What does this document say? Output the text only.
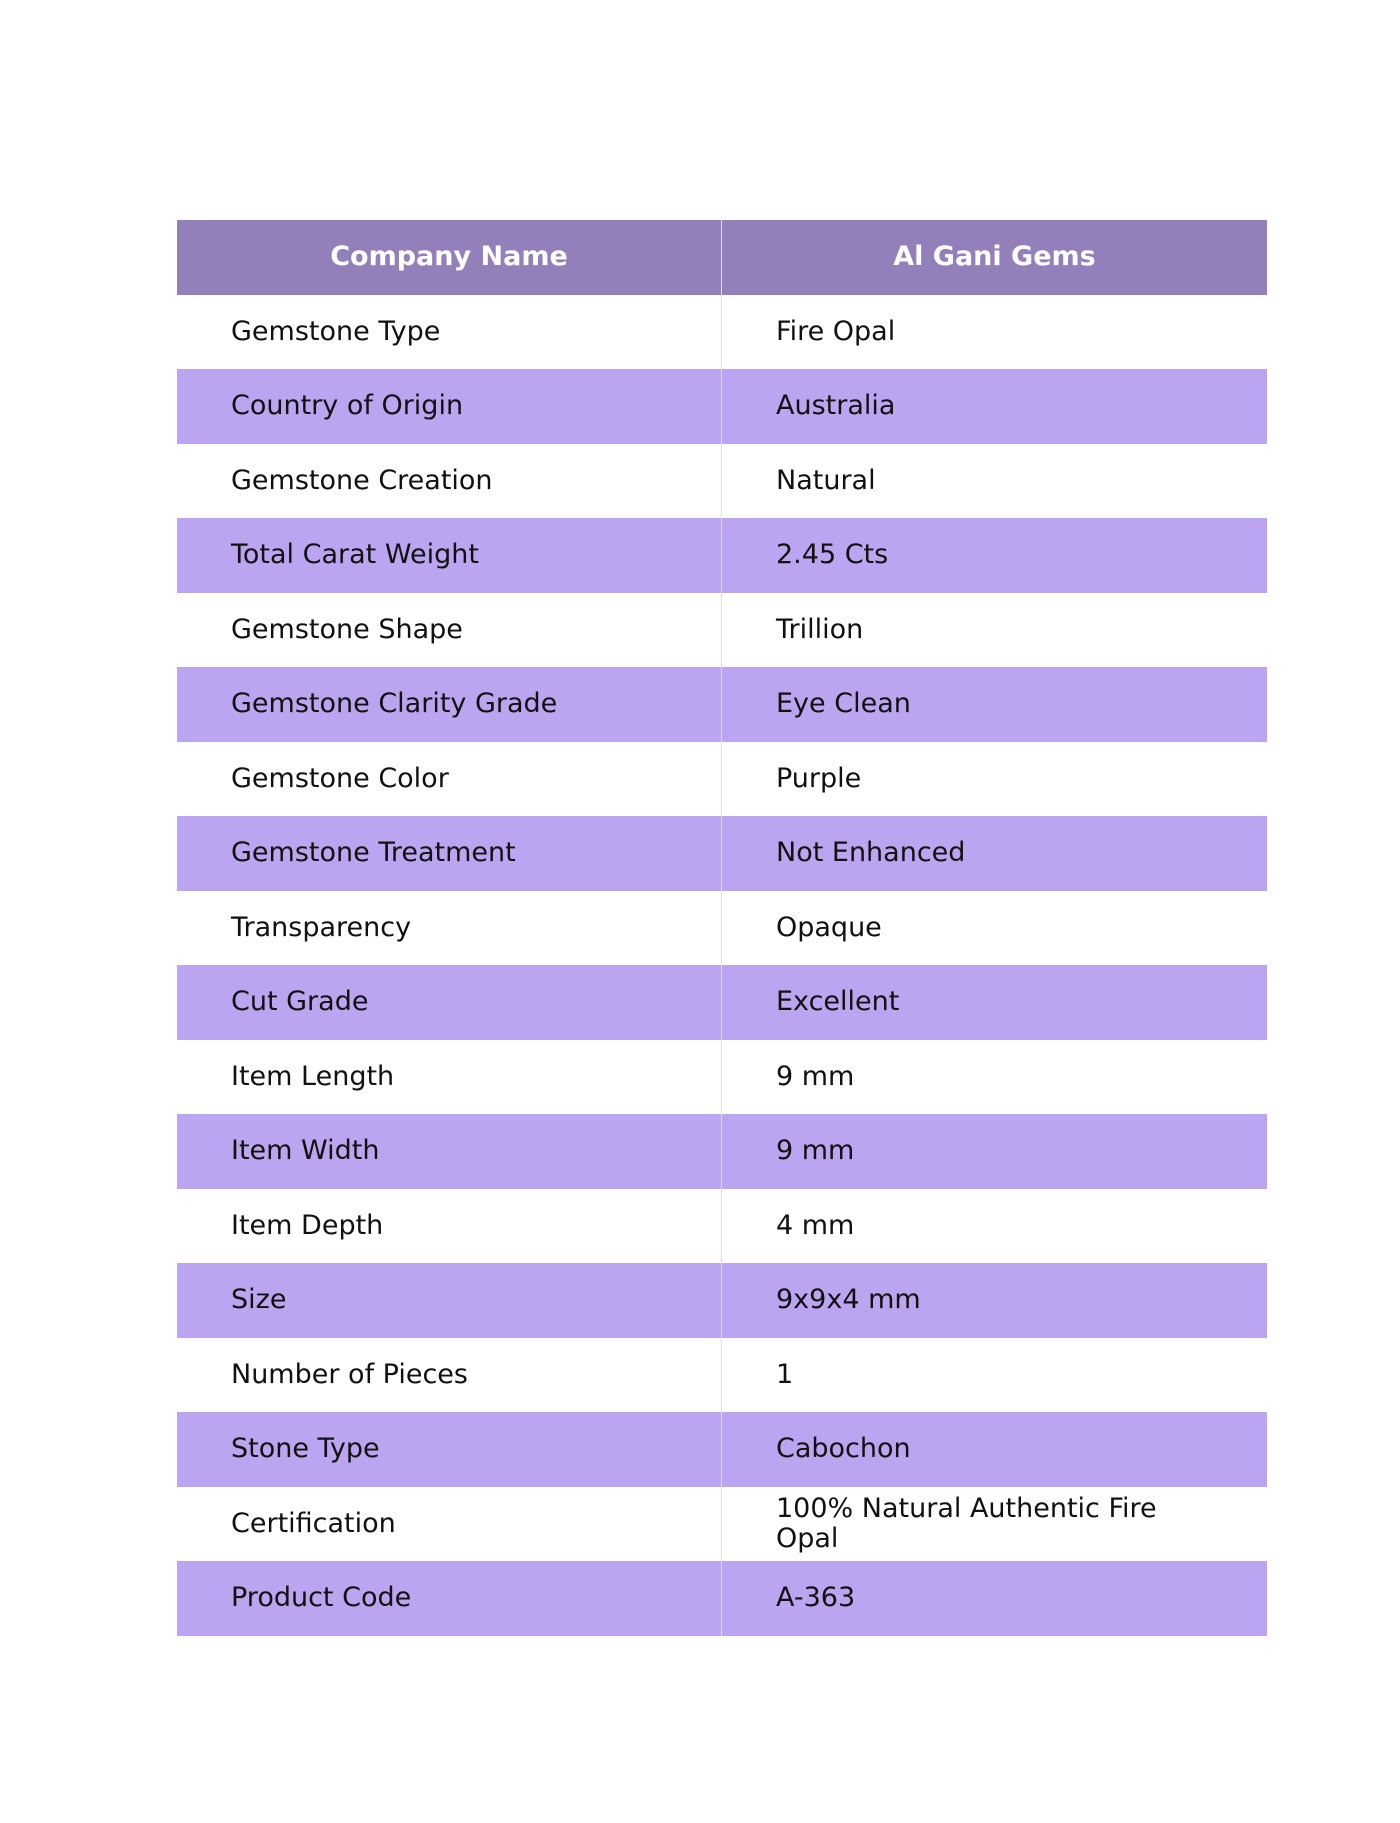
Company Name	Al Gani Gems
Gemstone Type	Fire Opal
Country of Origin	Australia
Gemstone Creation	Natural
Total Carat Weight	2.45 Cts
Gemstone Shape	Trillion
Gemstone Clarity Grade	Eye Clean
Gemstone Color	Purple
Gemstone Treatment	Not Enhanced
Transparency	Opaque
Cut Grade	Excellent
Item Length	9 mm
Item Width	9 mm
Item Depth	4 mm
Size	9x9x4 mm
Number of Pieces	1
Stone Type	Cabochon
Certification	100% Natural Authentic Fire Opal
Product Code	A-363
